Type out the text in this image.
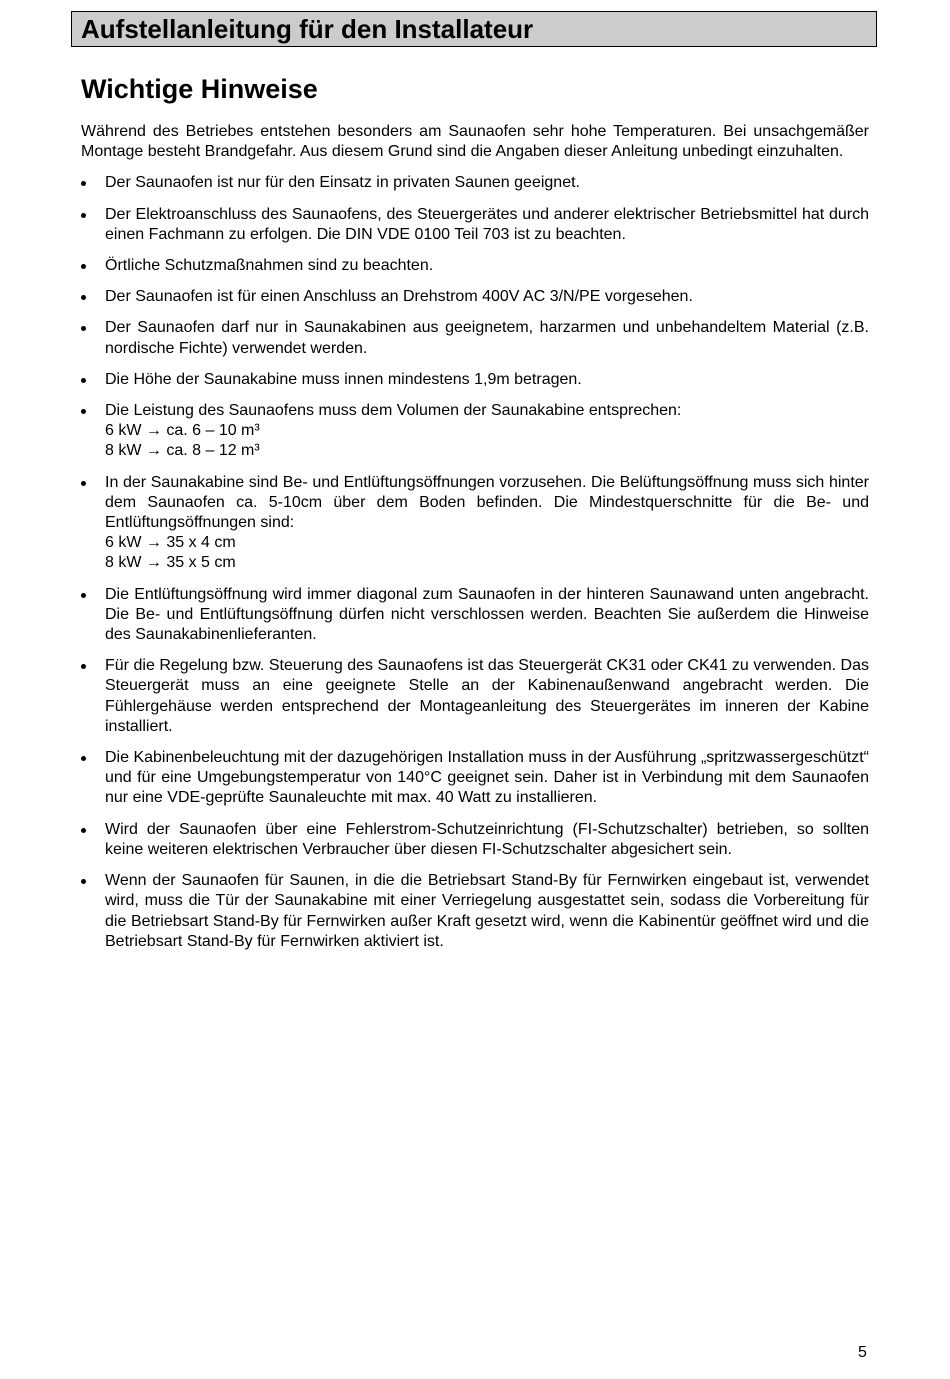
Aufstellanleitung für den Installateur
Wichtige Hinweise

Während des Betriebes entstehen besonders am Saunaofen sehr hohe Temperaturen. Bei unsachgemäßer Montage besteht Brandgefahr. Aus diesem Grund sind die Angaben dieser Anleitung unbedingt einzuhalten.

Der Saunaofen ist nur für den Einsatz in privaten Saunen geeignet.
Der Elektroanschluss des Saunaofens, des Steuergerätes und anderer elektrischer Betriebsmittel hat durch einen Fachmann zu erfolgen. Die DIN VDE 0100 Teil 703 ist zu beachten.
Örtliche Schutzmaßnahmen sind zu beachten.
Der Saunaofen ist für einen Anschluss an Drehstrom 400V AC 3/N/PE vorgesehen.
Der Saunaofen darf nur in Saunakabinen aus geeignetem, harzarmen und unbehandeltem Material (z.B. nordische Fichte) verwendet werden.
Die Höhe der Saunakabine muss innen mindestens 1,9m betragen.
Die Leistung des Saunaofens muss dem Volumen der Saunakabine entsprechen:
6 kW → ca. 6 – 10 m³
8 kW → ca. 8 – 12 m³
In der Saunakabine sind Be- und Entlüftungsöffnungen vorzusehen. Die Belüftungsöffnung muss sich hinter dem Saunaofen ca. 5-10cm über dem Boden befinden. Die Mindestquerschnitte für die Be- und Entlüftungsöffnungen sind:
6 kW → 35 x 4 cm
8 kW → 35 x 5 cm
Die Entlüftungsöffnung wird immer diagonal zum Saunaofen in der hinteren Saunawand unten angebracht. Die Be- und Entlüftungsöffnung dürfen nicht verschlossen werden. Beachten Sie außerdem die Hinweise des Saunakabinenlieferanten.
Für die Regelung bzw. Steuerung des Saunaofens ist das Steuergerät CK31 oder CK41 zu verwenden. Das Steuergerät muss an eine geeignete Stelle an der Kabinenaußenwand angebracht werden. Die Fühlergehäuse werden entsprechend der Montageanleitung des Steuergerätes im inneren der Kabine installiert.
Die Kabinenbeleuchtung mit der dazugehörigen Installation muss in der Ausführung „spritzwassergeschützt“ und für eine Umgebungstemperatur von 140°C geeignet sein. Daher ist in Verbindung mit dem Saunaofen nur eine VDE-geprüfte Saunaleuchte mit max. 40 Watt zu installieren.
Wird der Saunaofen über eine Fehlerstrom-Schutzeinrichtung (FI-Schutzschalter) betrieben, so sollten keine weiteren elektrischen Verbraucher über diesen FI-Schutzschalter abgesichert sein.
Wenn der Saunaofen für Saunen, in die die Betriebsart Stand-By für Fernwirken eingebaut ist, verwendet wird, muss die Tür der Saunakabine mit einer Verriegelung ausgestattet sein, sodass die Vorbereitung für die Betriebsart Stand-By für Fernwirken außer Kraft gesetzt wird, wenn die Kabinentür geöffnet wird und die Betriebsart Stand-By für Fernwirken aktiviert ist.
5
